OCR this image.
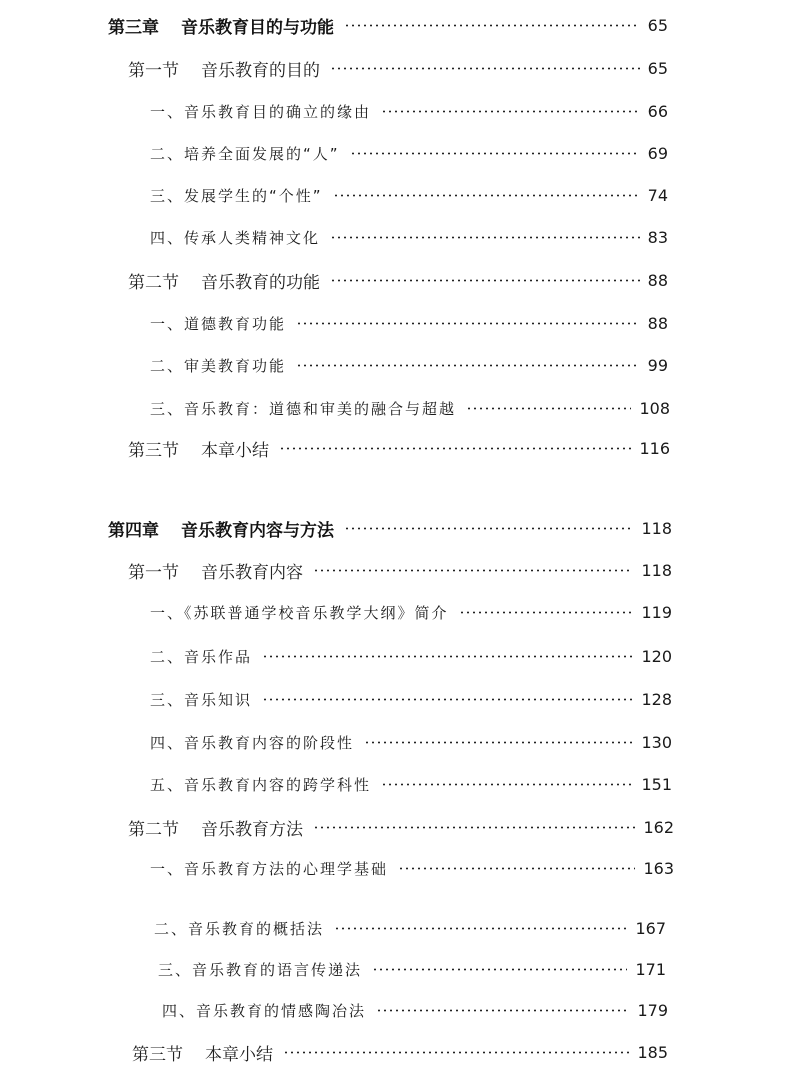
第三章 音乐教育目的与功能	65
第一节 音乐教育的目的	65
一、音乐教育目的确立的缘由	66
二、培养全面发展的“人”	69
三、发展学生的“个性”	74
四、传承人类精神文化	83
第二节 音乐教育的功能	88
一、道德教育功能	88
二、审美教育功能	99
三、音乐教育：道德和审美的融合与超越	108
第三节 本章小结	116
第四章 音乐教育内容与方法	118
第一节 音乐教育内容	118
一、《苏联普通学校音乐教学大纲》简介	119
二、音乐作品	120
三、音乐知识	128
四、音乐教育内容的阶段性	130
五、音乐教育内容的跨学科性	151
第二节 音乐教育方法	162
一、音乐教育方法的心理学基础	163
二、音乐教育的概括法	167
三、音乐教育的语言传递法	171
四、音乐教育的情感陶冶法	179
第三节 本章小结	185
